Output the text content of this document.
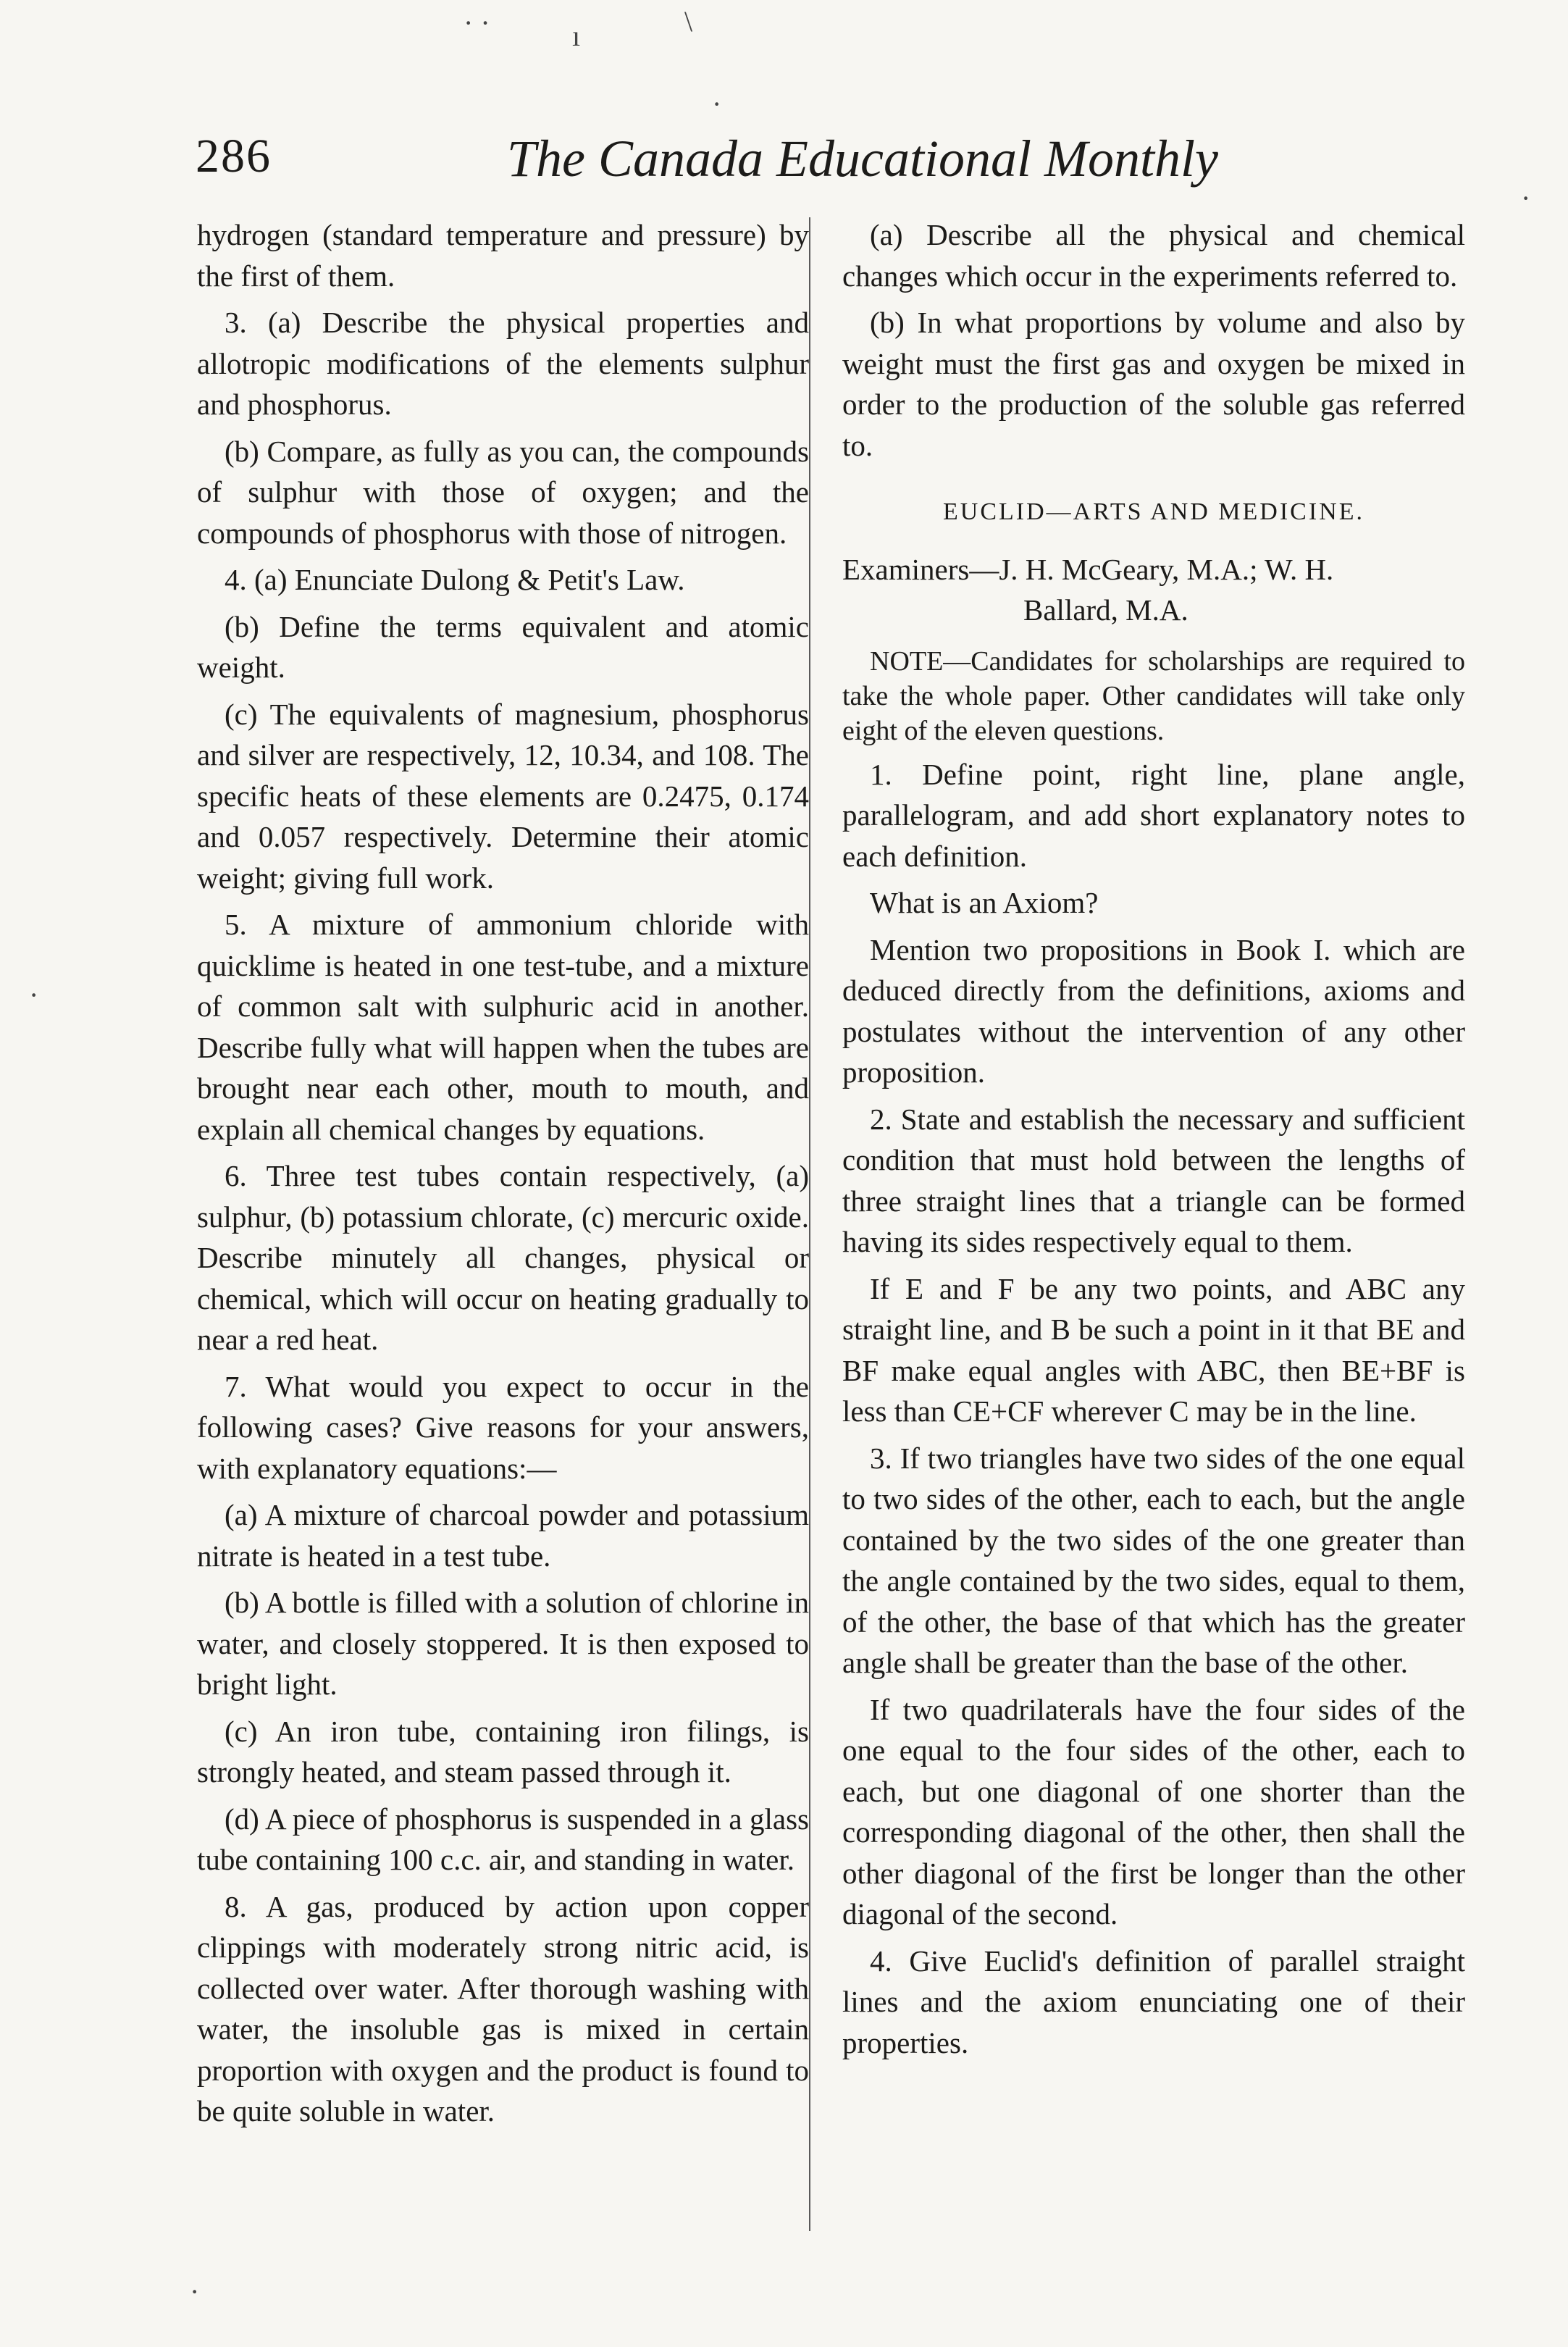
· ·	ı	\
·
286	The Canada Educational Monthly

hydrogen (standard temperature and pressure) by the first of them.

3. (a) Describe the physical properties and allotropic modifications of the elements sulphur and phosphorus.

(b) Compare, as fully as you can, the compounds of sulphur with those of oxygen; and the compounds of phosphorus with those of nitrogen.

4. (a) Enunciate Dulong & Petit's Law.

(b) Define the terms equivalent and atomic weight.

(c) The equivalents of magnesium, phosphorus and silver are respectively, 12, 10.34, and 108. The specific heats of these elements are 0.2475, 0.174 and 0.057 respectively. Determine their atomic weight; giving full work.

5. A mixture of ammonium chloride with quicklime is heated in one test-tube, and a mixture of common salt with sulphuric acid in another. Describe fully what will happen when the tubes are brought near each other, mouth to mouth, and explain all chemical changes by equations.

6. Three test tubes contain respectively, (a) sulphur, (b) potassium chlorate, (c) mercuric oxide. Describe minutely all changes, physical or chemical, which will occur on heating gradually to near a red heat.

7. What would you expect to occur in the following cases? Give reasons for your answers, with explanatory equations:—

(a) A mixture of charcoal powder and potassium nitrate is heated in a test tube.

(b) A bottle is filled with a solution of chlorine in water, and closely stoppered. It is then exposed to bright light.

(c) An iron tube, containing iron filings, is strongly heated, and steam passed through it.

(d) A piece of phosphorus is suspended in a glass tube containing 100 c.c. air, and standing in water.

8. A gas, produced by action upon copper clippings with moderately strong nitric acid, is collected over water. After thorough washing with water, the insoluble gas is mixed in certain proportion with oxygen and the product is found to be quite soluble in water.

(a) Describe all the physical and chemical changes which occur in the experiments referred to.

(b) In what proportions by volume and also by weight must the first gas and oxygen be mixed in order to the production of the soluble gas referred to.

EUCLID—ARTS AND MEDICINE.
Examiners—J. H. McGeary, M.A.; W. H.
Ballard, M.A.

NOTE—Candidates for scholarships are required to take the whole paper. Other candidates will take only eight of the eleven questions.

1. Define point, right line, plane angle, parallelogram, and add short explanatory notes to each definition.

What is an Axiom?

Mention two propositions in Book I. which are deduced directly from the definitions, axioms and postulates without the intervention of any other proposition.

2. State and establish the necessary and sufficient condition that must hold between the lengths of three straight lines that a triangle can be formed having its sides respectively equal to them.

If E and F be any two points, and ABC any straight line, and B be such a point in it that BE and BF make equal angles with ABC, then BE+BF is less than CE+CF wherever C may be in the line.

3. If two triangles have two sides of the one equal to two sides of the other, each to each, but the angle contained by the two sides of the one greater than the angle contained by the two sides, equal to them, of the other, the base of that which has the greater angle shall be greater than the base of the other.

If two quadrilaterals have the four sides of the one equal to the four sides of the other, each to each, but one diagonal of one shorter than the corresponding diagonal of the other, then shall the other diagonal of the first be longer than the other diagonal of the second.

4. Give Euclid's definition of parallel straight lines and the axiom enunciating one of their properties.

·
·
·
